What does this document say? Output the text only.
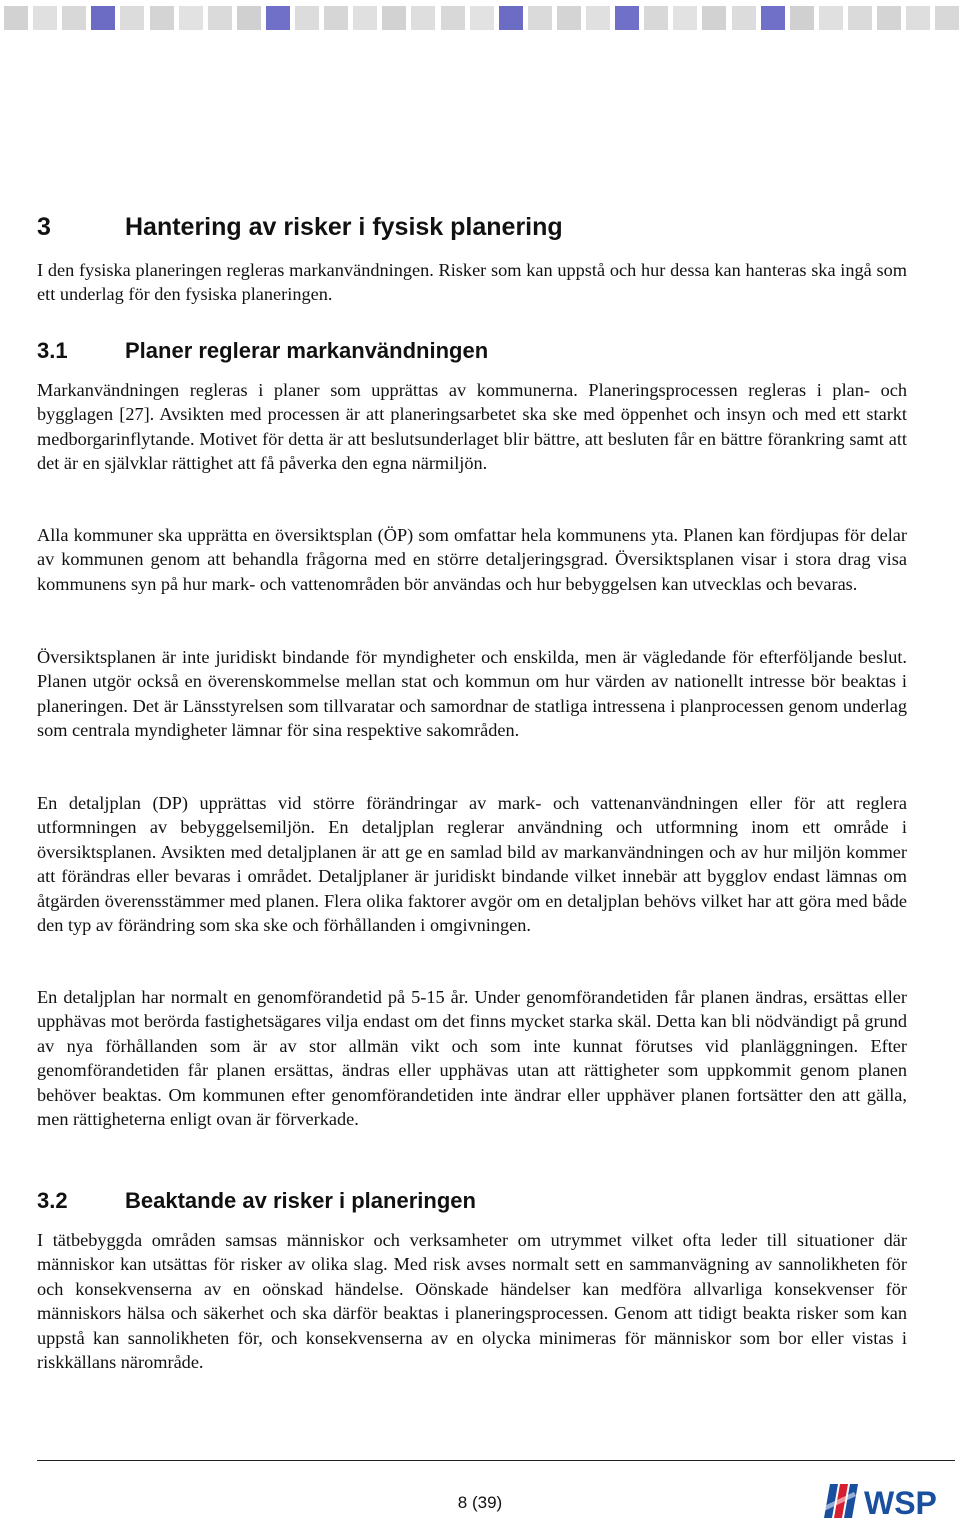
3	Hantering av risker i fysisk planering

I den fysiska planeringen regleras markanvändningen. Risker som kan uppstå och hur dessa kan hanteras ska ingå som ett underlag för den fysiska planeringen.

3.1	Planer reglerar markanvändningen

Markanvändningen regleras i planer som upprättas av kommunerna. Planeringsprocessen regleras i plan- och bygglagen [27]. Avsikten med processen är att planeringsarbetet ska ske med öppenhet och insyn och med ett starkt medborgarinflytande. Motivet för detta är att beslutsunderlaget blir bättre, att besluten får en bättre förankring samt att det är en självklar rättighet att få påverka den egna närmiljön.

Alla kommuner ska upprätta en översiktsplan (ÖP) som omfattar hela kommunens yta. Planen kan fördjupas för delar av kommunen genom att behandla frågorna med en större detaljeringsgrad. Översiktsplanen visar i stora drag visa kommunens syn på hur mark- och vattenområden bör användas och hur bebyggelsen kan utvecklas och bevaras.

Översiktsplanen är inte juridiskt bindande för myndigheter och enskilda, men är vägledande för efterföljande beslut. Planen utgör också en överenskommelse mellan stat och kommun om hur värden av nationellt intresse bör beaktas i planeringen. Det är Länsstyrelsen som tillvaratar och samordnar de statliga intressena i planprocessen genom underlag som centrala myndigheter lämnar för sina respektive sakområden.

En detaljplan (DP) upprättas vid större förändringar av mark- och vattenanvändningen eller för att reglera utformningen av bebyggelsemiljön. En detaljplan reglerar användning och utformning inom ett område i översiktsplanen. Avsikten med detaljplanen är att ge en samlad bild av markanvändningen och av hur miljön kommer att förändras eller bevaras i området. Detaljplaner är juridiskt bindande vilket innebär att bygglov endast lämnas om åtgärden överensstämmer med planen. Flera olika faktorer avgör om en detaljplan behövs vilket har att göra med både den typ av förändring som ska ske och förhållanden i omgivningen.

En detaljplan har normalt en genomförandetid på 5-15 år. Under genomförandetiden får planen ändras, ersättas eller upphävas mot berörda fastighetsägares vilja endast om det finns mycket starka skäl. Detta kan bli nödvändigt på grund av nya förhållanden som är av stor allmän vikt och som inte kunnat förutses vid planläggningen. Efter genomförandetiden får planen ersättas, ändras eller upphävas utan att rättigheter som uppkommit genom planen behöver beaktas. Om kommunen efter genomförandetiden inte ändrar eller upphäver planen fortsätter den att gälla, men rättigheterna enligt ovan är förverkade.

3.2	Beaktande av risker i planeringen

I tätbebyggda områden samsas människor och verksamheter om utrymmet vilket ofta leder till situationer där människor kan utsättas för risker av olika slag. Med risk avses normalt sett en sammanvägning av sannolikheten för och konsekvenserna av en oönskad händelse. Oönskade händelser kan medföra allvarliga konsekvenser för människors hälsa och säkerhet och ska därför beaktas i planeringsprocessen. Genom att tidigt beakta risker som kan uppstå kan sannolikheten för, och konsekvenserna av en olycka minimeras för människor som bor eller vistas i riskkällans närområde.

8 (39)	WSP
